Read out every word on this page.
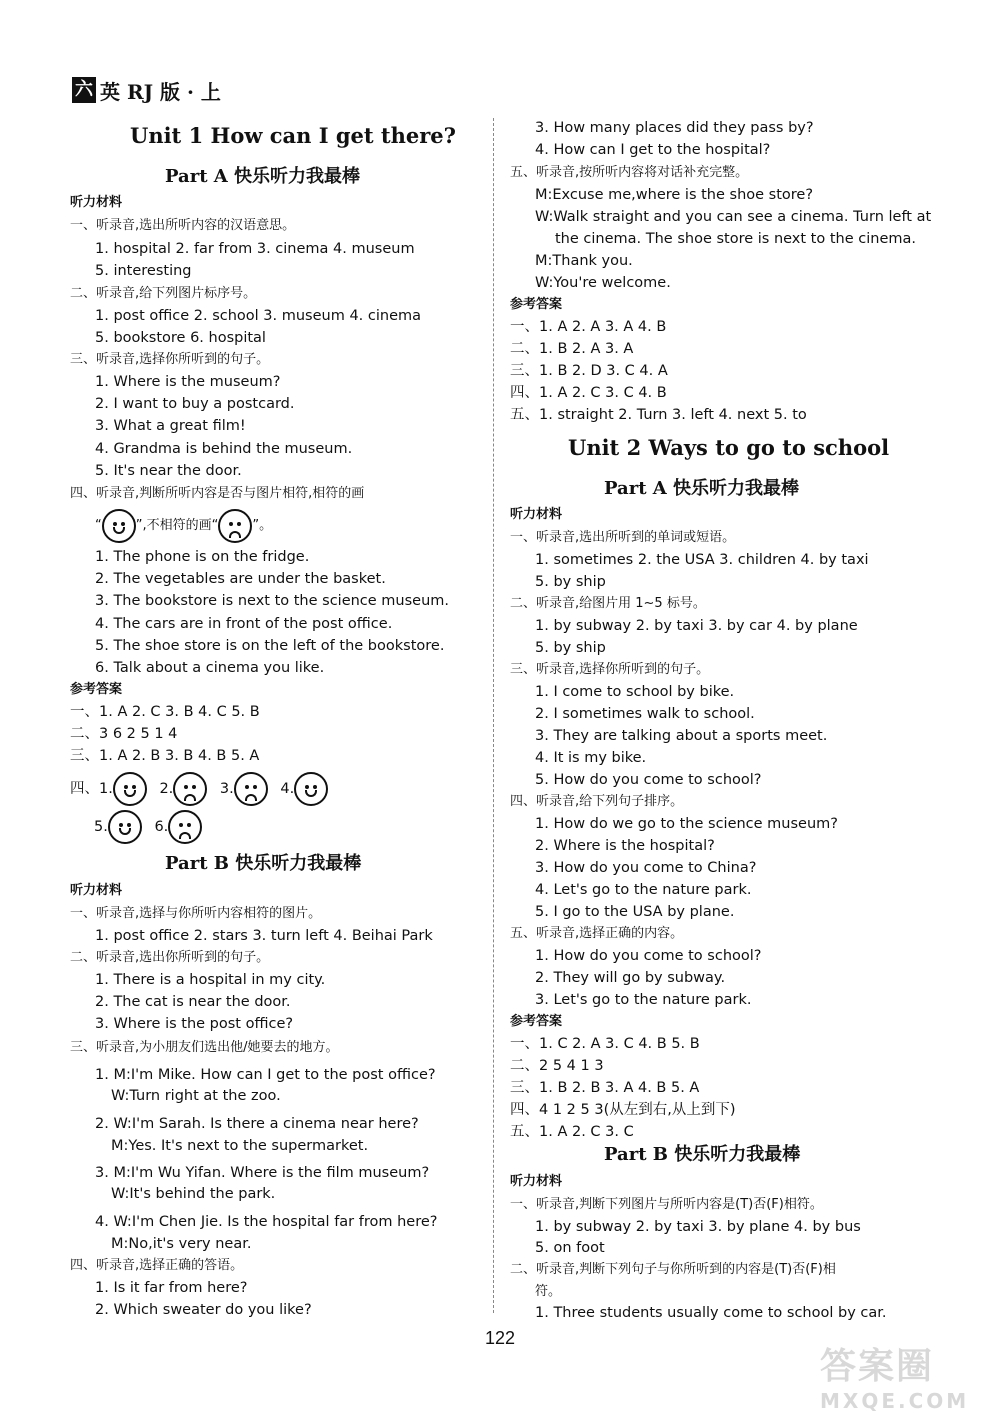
六 英 RJ 版 · 上
Unit 1 How can I get there?
Part A 快乐听力我最棒
听力材料
一、听录音,选出所听内容的汉语意思。
1. hospital 2. far from 3. cinema 4. museum
5. interesting
二、听录音,给下列图片标序号。
1. post office 2. school 3. museum 4. cinema
5. bookstore 6. hospital
三、听录音,选择你所听到的句子。
1. Where is the museum?
2. I want to buy a postcard.
3. What a great film!
4. Grandma is behind the museum.
5. It's near the door.
四、听录音,判断所听内容是否与图片相符,相符的画
“	”,不相符的画“	”。
1. The phone is on the fridge.
2. The vegetables are under the basket.
3. The bookstore is next to the science museum.
4. The cars are in front of the post office.
5. The shoe store is on the left of the bookstore.
6. Talk about a cinema you like.
参考答案
一、1. A 2. C 3. B 4. C 5. B
二、3 6 2 5 1 4
三、1. A 2. B 3. B 4. B 5. A
四、1.	2.	3.	4.
5.	6.
Part B 快乐听力我最棒
听力材料
一、听录音,选择与你所听内容相符的图片。
1. post office 2. stars 3. turn left 4. Beihai Park
二、听录音,选出你所听到的句子。
1. There is a hospital in my city.
2. The cat is near the door.
3. Where is the post office?
三、听录音,为小朋友们选出他/她要去的地方。
1. M:I'm Mike. How can I get to the post office?
W:Turn right at the zoo.
2. W:I'm Sarah. Is there a cinema near here?
M:Yes. It's next to the supermarket.
3. M:I'm Wu Yifan. Where is the film museum?
W:It's behind the park.
4. W:I'm Chen Jie. Is the hospital far from here?
M:No,it's very near.
四、听录音,选择正确的答语。
1. Is it far from here?
2. Which sweater do you like?
3. How many places did they pass by?
4. How can I get to the hospital?
五、听录音,按所听内容将对话补充完整。
M:Excuse me,where is the shoe store?
W:Walk straight and you can see a cinema. Turn left at
the cinema. The shoe store is next to the cinema.
M:Thank you.
W:You're welcome.
参考答案
一、1. A 2. A 3. A 4. B
二、1. B 2. A 3. A
三、1. B 2. D 3. C 4. A
四、1. A 2. C 3. C 4. B
五、1. straight 2. Turn 3. left 4. next 5. to
Unit 2 Ways to go to school
Part A 快乐听力我最棒
听力材料
一、听录音,选出所听到的单词或短语。
1. sometimes 2. the USA 3. children 4. by taxi
5. by ship
二、听录音,给图片用 1~5 标号。
1. by subway 2. by taxi 3. by car 4. by plane
5. by ship
三、听录音,选择你所听到的句子。
1. I come to school by bike.
2. I sometimes walk to school.
3. They are talking about a sports meet.
4. It is my bike.
5. How do you come to school?
四、听录音,给下列句子排序。
1. How do we go to the science museum?
2. Where is the hospital?
3. How do you come to China?
4. Let's go to the nature park.
5. I go to the USA by plane.
五、听录音,选择正确的内容。
1. How do you come to school?
2. They will go by subway.
3. Let's go to the nature park.
参考答案
一、1. C 2. A 3. C 4. B 5. B
二、2 5 4 1 3
三、1. B 2. B 3. A 4. B 5. A
四、4 1 2 5 3(从左到右,从上到下)
五、1. A 2. C 3. C
Part B 快乐听力我最棒
听力材料
一、听录音,判断下列图片与所听内容是(T)否(F)相符。
1. by subway 2. by taxi 3. by plane 4. by bus
5. on foot
二、听录音,判断下列句子与你所听到的内容是(T)否(F)相
符。
1. Three students usually come to school by car.
122
答案圈
MXQE.COM
